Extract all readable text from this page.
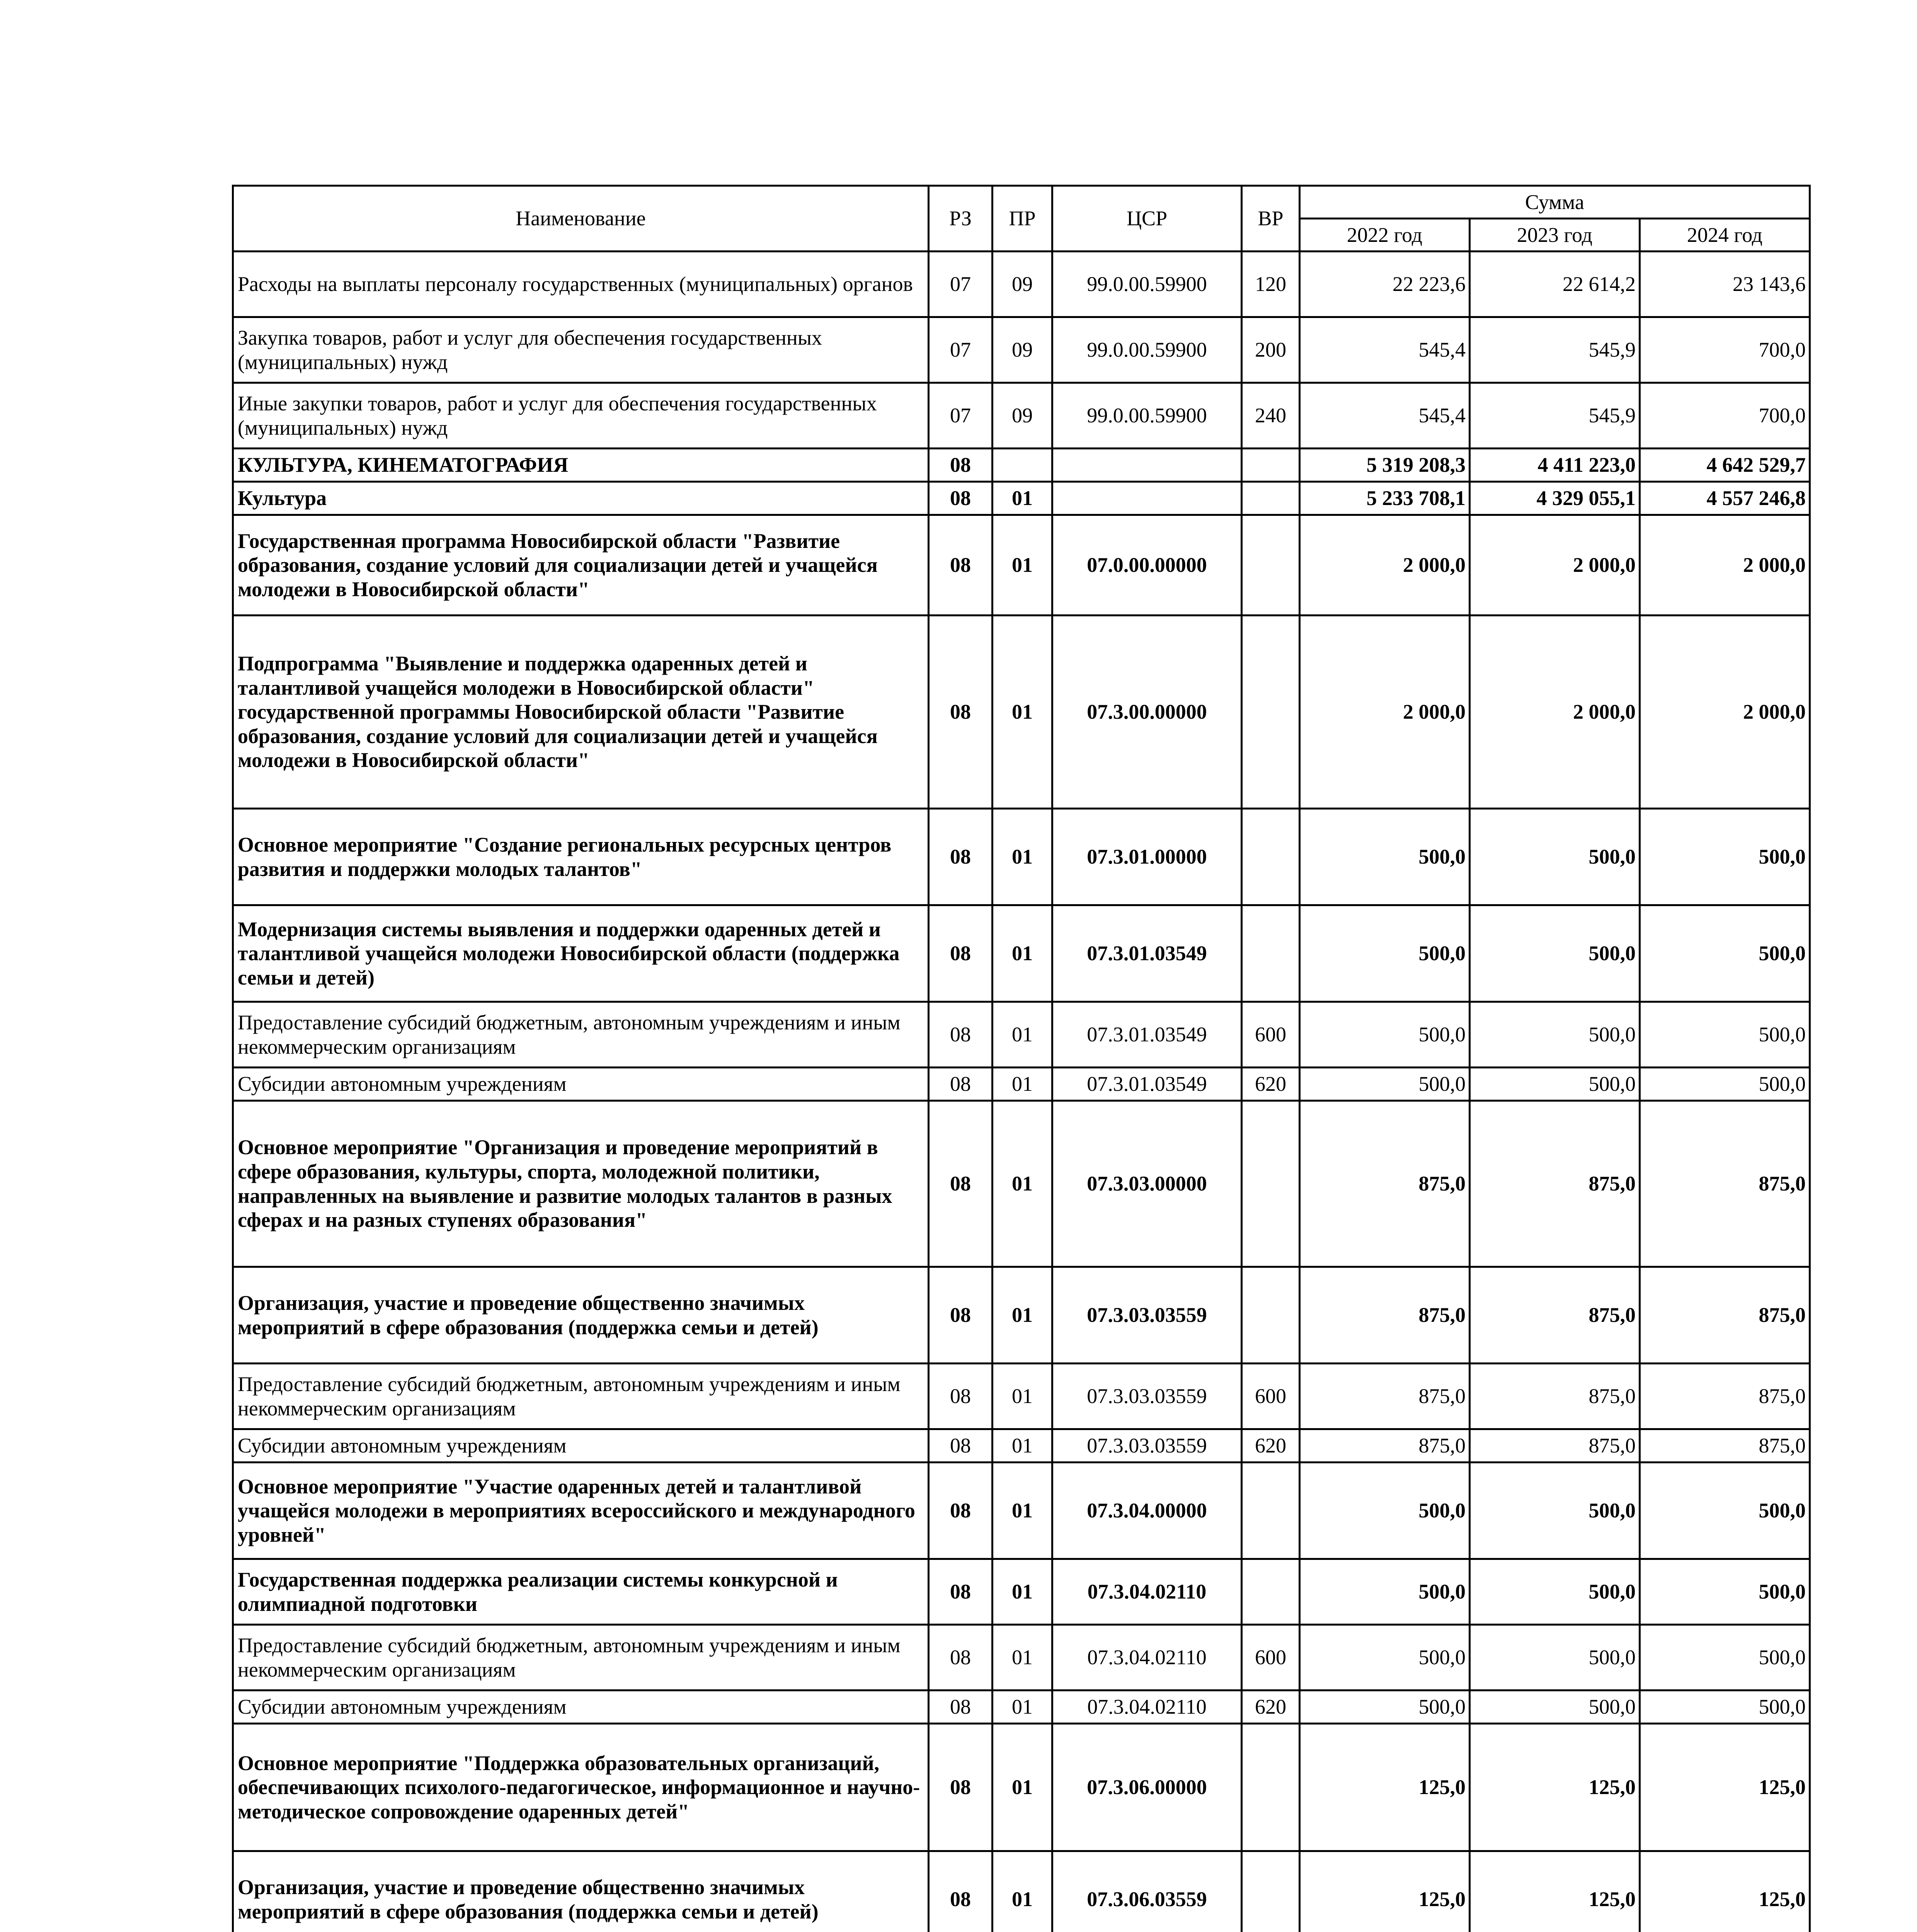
Наименование	РЗ	ПР	ЦСР	ВР	Сумма		
					2022 год	2023 год	2024 год
Расходы на выплаты персоналу государственных (муниципальных) органов	07	09	99.0.00.59900	120	22 223,6	22 614,2	23 143,6
Закупка товаров, работ и услуг для обеспечения государственных (муниципальных) нужд	07	09	99.0.00.59900	200	545,4	545,9	700,0
Иные закупки товаров, работ и услуг для обеспечения государственных (муниципальных) нужд	07	09	99.0.00.59900	240	545,4	545,9	700,0
КУЛЬТУРА, КИНЕМАТОГРАФИЯ	08				5 319 208,3	4 411 223,0	4 642 529,7
Культура	08	01			5 233 708,1	4 329 055,1	4 557 246,8
Государственная программа Новосибирской области "Развитие образования, создание условий для социализации детей и учащейся молодежи в Новосибирской области"	08	01	07.0.00.00000		2 000,0	2 000,0	2 000,0
Подпрограмма "Выявление и поддержка одаренных детей и талантливой учащейся молодежи в Новосибирской области" государственной программы Новосибирской области "Развитие образования, создание условий для социализации детей и учащейся молодежи в Новосибирской области"	08	01	07.3.00.00000		2 000,0	2 000,0	2 000,0
Основное мероприятие "Создание региональных ресурсных центров развития и поддержки молодых талантов"	08	01	07.3.01.00000		500,0	500,0	500,0
Модернизация системы выявления и поддержки одаренных детей и талантливой учащейся молодежи Новосибирской области (поддержка семьи и детей)	08	01	07.3.01.03549		500,0	500,0	500,0
Предоставление субсидий бюджетным, автономным учреждениям и иным некоммерческим организациям	08	01	07.3.01.03549	600	500,0	500,0	500,0
Субсидии автономным учреждениям	08	01	07.3.01.03549	620	500,0	500,0	500,0
Основное мероприятие "Организация и проведение мероприятий в сфере образования, культуры, спорта, молодежной политики, направленных на выявление и развитие молодых талантов в разных сферах и на разных ступенях образования"	08	01	07.3.03.00000		875,0	875,0	875,0
Организация, участие и проведение общественно значимых мероприятий в сфере образования (поддержка семьи и детей)	08	01	07.3.03.03559		875,0	875,0	875,0
Предоставление субсидий бюджетным, автономным учреждениям и иным некоммерческим организациям	08	01	07.3.03.03559	600	875,0	875,0	875,0
Субсидии автономным учреждениям	08	01	07.3.03.03559	620	875,0	875,0	875,0
Основное мероприятие "Участие одаренных детей и талантливой учащейся молодежи в мероприятиях всероссийского и международного уровней"	08	01	07.3.04.00000		500,0	500,0	500,0
Государственная поддержка реализации системы конкурсной и олимпиадной подготовки	08	01	07.3.04.02110		500,0	500,0	500,0
Предоставление субсидий бюджетным, автономным учреждениям и иным некоммерческим организациям	08	01	07.3.04.02110	600	500,0	500,0	500,0
Субсидии автономным учреждениям	08	01	07.3.04.02110	620	500,0	500,0	500,0
Основное мероприятие "Поддержка образовательных организаций, обеспечивающих психолого-педагогическое, информационное и научно-методическое сопровождение одаренных детей"	08	01	07.3.06.00000		125,0	125,0	125,0
Организация, участие и проведение общественно значимых мероприятий в сфере образования (поддержка семьи и детей)	08	01	07.3.06.03559		125,0	125,0	125,0
